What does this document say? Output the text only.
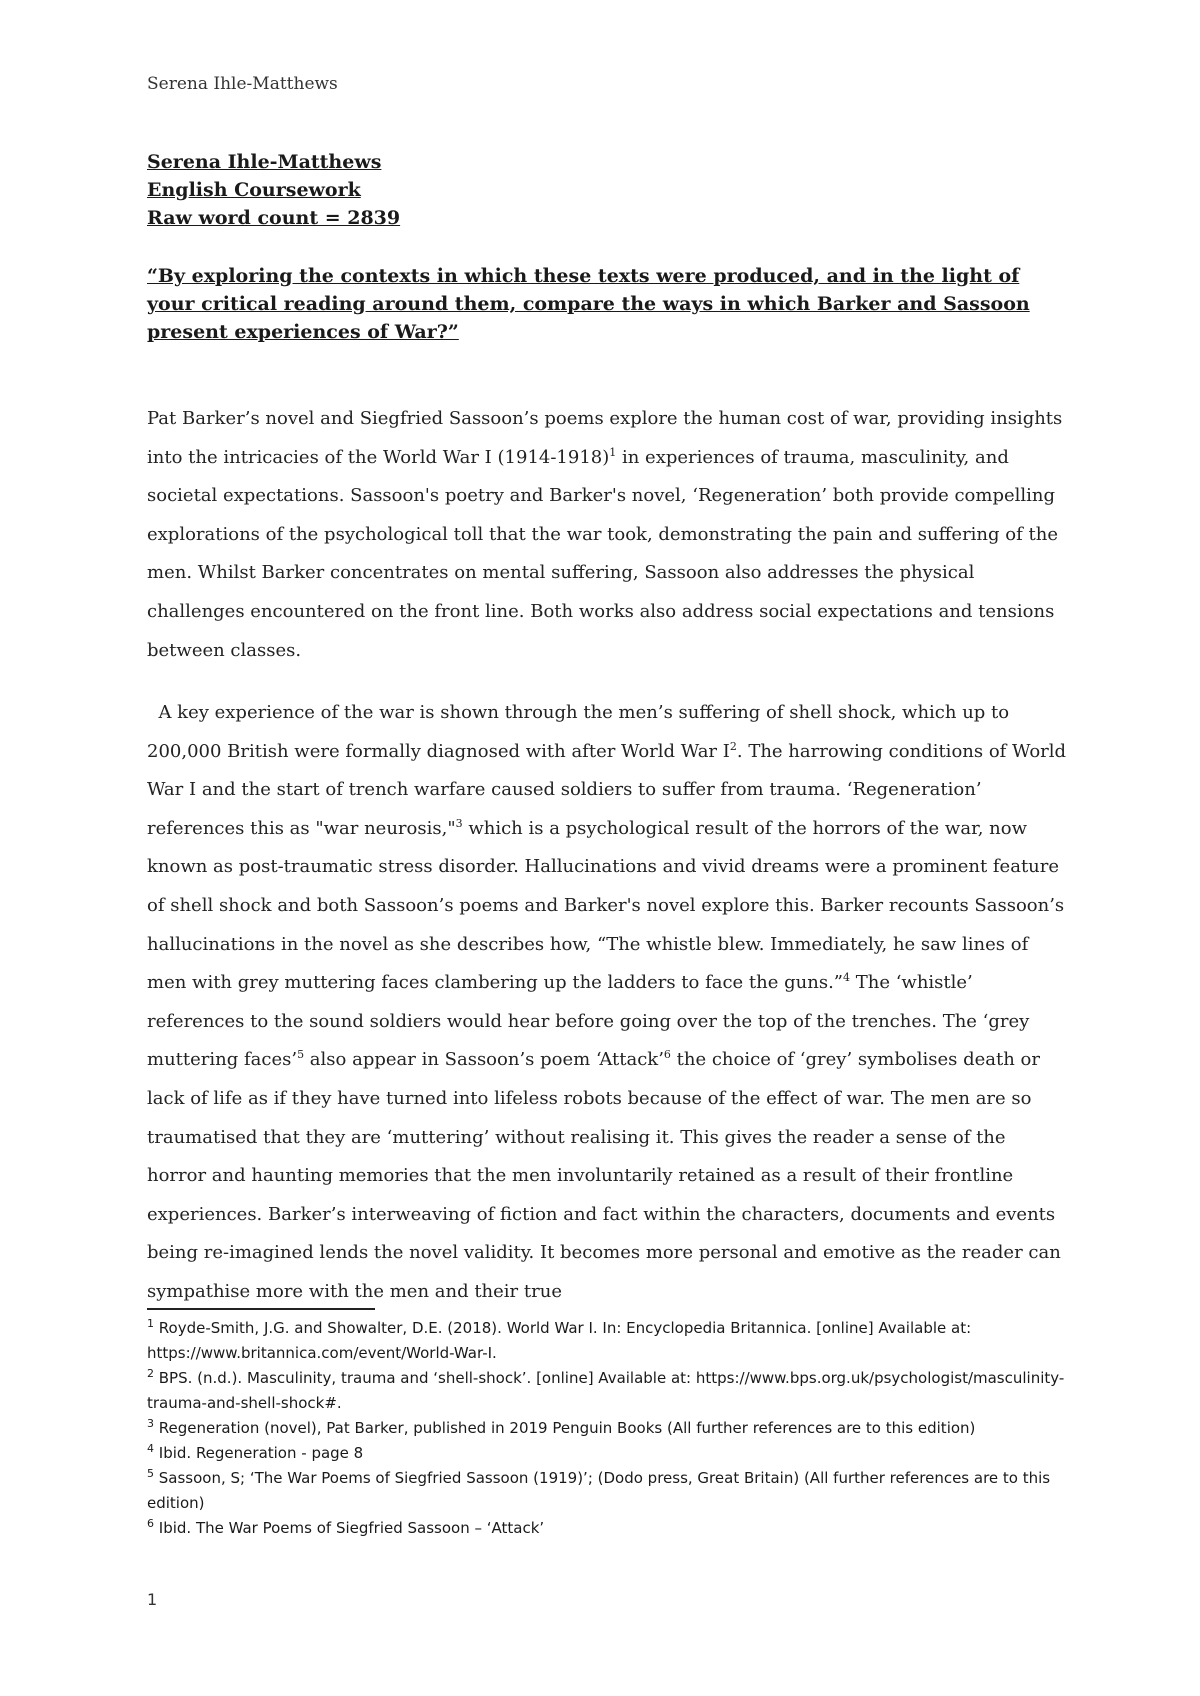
Serena Ihle-Matthews
Serena Ihle-Matthews
English Coursework
Raw word count = 2839
“By exploring the contexts in which these texts were produced, and in the light of your critical reading around them, compare the ways in which Barker and Sassoon present experiences of War?”
Pat Barker’s novel and Siegfried Sassoon’s poems explore the human cost of war, providing insights into the intricacies of the World War I (1914-1918)$^1$ in experiences of trauma, masculinity, and societal expectations. Sassoon's poetry and Barker's novel, ‘Regeneration’ both provide compelling explorations of the psychological toll that the war took, demonstrating the pain and suffering of the men. Whilst Barker concentrates on mental suffering, Sassoon also addresses the physical challenges encountered on the front line. Both works also address social expectations and tensions between classes.
A key experience of the war is shown through the men’s suffering of shell shock, which up to 200,000 British were formally diagnosed with after World War $I^2$. The harrowing conditions of World War I and the start of trench warfare caused soldiers to suffer from trauma. ‘Regeneration’ references this as "war neurosis,"$^3$ which is a psychological result of the horrors of the war, now known as post-traumatic stress disorder. Hallucinations and vivid dreams were a prominent feature of shell shock and both Sassoon’s poems and Barker's novel explore this. Barker recounts Sassoon’s hallucinations in the novel as she describes how, “The whistle blew. Immediately, he saw lines of men with grey muttering faces clambering up the ladders to face the guns.”$^4$ The ‘whistle’ references to the sound soldiers would hear before going over the top of the trenches. The ‘grey muttering faces’$^5$ also appear in Sassoon’s poem ‘Attack’$^6$ the choice of ‘grey’ symbolises death or lack of life as if they have turned into lifeless robots because of the effect of war. The men are so traumatised that they are ‘muttering’ without realising it. This gives the reader a sense of the horror and haunting memories that the men involuntarily retained as a result of their frontline experiences. Barker’s interweaving of fiction and fact within the characters, documents and events being re-imagined lends the novel validity. It becomes more personal and emotive as the reader can sympathise more with the men and their true
$^1$ Royde-Smith, J.G. and Showalter, D.E. (2018). World War I. In: Encyclopedia Britannica. [online] Available at: https://www.britannica.com/event/World-War-I.
$^2$ BPS. (n.d.). Masculinity, trauma and ‘shell-shock’. [online] Available at: https://www.bps.org.uk/psychologist/masculinity-trauma-and-shell-shock#.
$^3$ Regeneration (novel), Pat Barker, published in 2019 Penguin Books (All further references are to this edition)
$^4$ Ibid. Regeneration - page 8
$^5$ Sassoon, S; ‘The War Poems of Siegfried Sassoon (1919)’; (Dodo press, Great Britain) (All further references are to this edition)
$^6$ Ibid. The War Poems of Siegfried Sassoon – ‘Attack’
1
